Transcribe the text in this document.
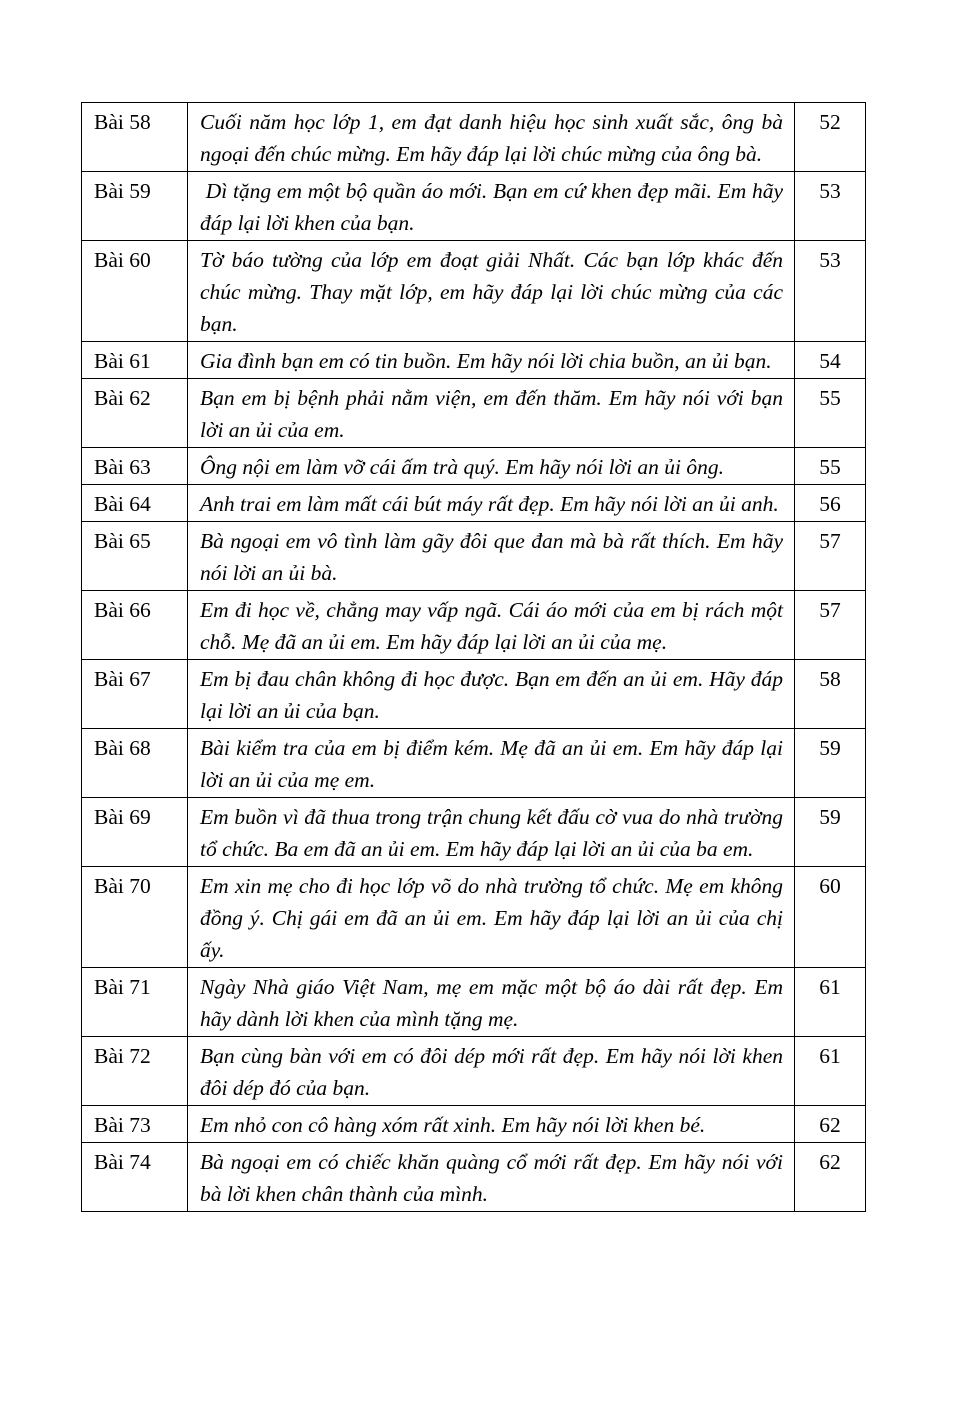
Bài 58	Cuối năm học lớp 1, em đạt danh hiệu học sinh xuất sắc, ông bà ngoại đến chúc mừng. Em hãy đáp lại lời chúc mừng của ông bà.	52
Bài 59	Dì tặng em một bộ quần áo mới. Bạn em cứ khen đẹp mãi. Em hãy đáp lại lời khen của bạn.	53
Bài 60	Tờ báo tường của lớp em đoạt giải Nhất. Các bạn lớp khác đến chúc mừng. Thay mặt lớp, em hãy đáp lại lời chúc mừng của các bạn.	53
Bài 61	Gia đình bạn em có tin buồn. Em hãy nói lời chia buồn, an ủi bạn.	54
Bài 62	Bạn em bị bệnh phải nằm viện, em đến thăm. Em hãy nói với bạn lời an ủi của em.	55
Bài 63	Ông nội em làm vỡ cái ấm trà quý. Em hãy nói lời an ủi ông.	55
Bài 64	Anh trai em làm mất cái bút máy rất đẹp. Em hãy nói lời an ủi anh.	56
Bài 65	Bà ngoại em vô tình làm gãy đôi que đan mà bà rất thích. Em hãy nói lời an ủi bà.	57
Bài 66	Em đi học về, chẳng may vấp ngã. Cái áo mới của em bị rách một chỗ. Mẹ đã an ủi em. Em hãy đáp lại lời an ủi của mẹ.	57
Bài 67	Em bị đau chân không đi học được. Bạn em đến an ủi em. Hãy đáp lại lời an ủi của bạn.	58
Bài 68	Bài kiểm tra của em bị điểm kém. Mẹ đã an ủi em. Em hãy đáp lại lời an ủi của mẹ em.	59
Bài 69	Em buồn vì đã thua trong trận chung kết đấu cờ vua do nhà trường tổ chức. Ba em đã an ủi em. Em hãy đáp lại lời an ủi của ba em.	59
Bài 70	Em xin mẹ cho đi học lớp võ do nhà trường tổ chức. Mẹ em không đồng ý. Chị gái em đã an ủi em. Em hãy đáp lại lời an ủi của chị ấy.	60
Bài 71	Ngày Nhà giáo Việt Nam, mẹ em mặc một bộ áo dài rất đẹp. Em hãy dành lời khen của mình tặng mẹ.	61
Bài 72	Bạn cùng bàn với em có đôi dép mới rất đẹp. Em hãy nói lời khen đôi dép đó của bạn.	61
Bài 73	Em nhỏ con cô hàng xóm rất xinh. Em hãy nói lời khen bé.	62
Bài 74	Bà ngoại em có chiếc khăn quàng cổ mới rất đẹp. Em hãy nói với bà lời khen chân thành của mình.	62
